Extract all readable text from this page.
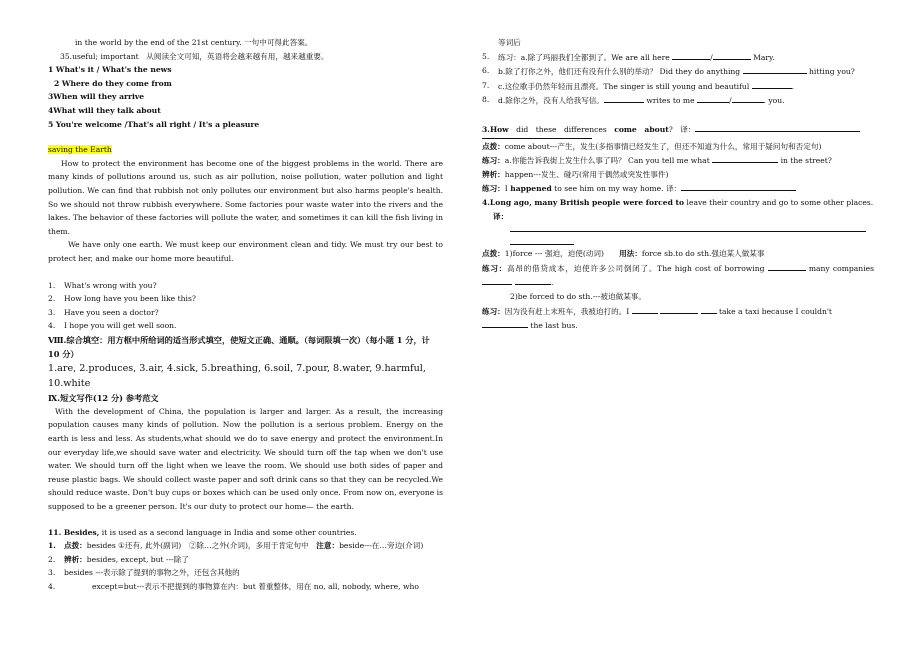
in the world by the end of the 21st century. 一句中可得此答案。

35.useful; important　从阅读全文可知，英语将会越来越有用，越来越重要。

1 What's it / What's the news

2 Where do they come from

3When will they arrive

4What will they talk about

5 You're welcome /That's all right / It's a pleasure

saving the Earth

How to protect the environment has become one of the biggest problems in the world. There are many kinds of pollutions around us, such as air pollution, noise pollution, water pollution and light pollution. We can find that rubbish not only pollutes our environment but also harms people's health. So we should not throw rubbish everywhere. Some factories pour waste water into the rivers and the lakes. The behavior of these factories will pollute the water, and sometimes it can kill the fish living in them.

We have only one earth. We must keep our environment clean and tidy. We must try our best to protect her, and make our home more beautiful.

1.	What's wrong with you?
2.	How long have you been like this?
3.	Have you seen a doctor?
4.	I hope you will get well soon.

Ⅷ.综合填空：用方框中所给词的适当形式填空，使短文正确、通顺。（每词限填一次）（每小题 1 分，计 10 分）

1.are, 2.produces, 3.air, 4.sick, 5.breathing, 6.soil, 7.pour, 8.water, 9.harmful, 10.white

Ⅸ.短文写作(12 分) 参考范文

With the development of China, the population is larger and larger. As a result, the increasing population causes many kinds of pollution. Now the pollution is a serious problem. Energy on the earth is less and less. As students,what should we do to save energy and protect the environment.In our everyday life,we should save water and electricity. We should turn off the tap when we don't use water. We should turn off the light when we leave the room. We should use both sides of paper and reuse plastic bags. We should collect waste paper and soft drink cans so that they can be recycled.We should reduce waste. Don't buy cups or boxes which can be used only once. From now on, everyone is supposed to be a greener person. It's our duty to protect our home— the earth.

11. Besides, it is used as a second language in India and some other countries.

1.	点拨：besides ①还有, 此外(副词)　②除…之外(介词)，多用于肯定句中　注意：beside---在…旁边(介词)
2.	辨析：besides, except, but ---除了
3.	besides ---表示除了提到的事物之外，还包含其他的
4.	except=but---表示不把提到的事物算在内：but 着重整体，用在 no, all, nobody, where, who

等词后

5.	练习：a.除了玛丽我们全都到了。We are all here	/	Mary.
6.	b.除了打你之外，他们还有没有什么别的举动？ Did they do anything	hitting you?
7.	c.这位歌手仍然年轻而且漂亮。The singer is still young and beautiful	.
8.	d.除你之外，没有人给我写信。	writes to me	/	. you.

3.How did these differences come about? 译：

点拨：come about---产生，发生(多指事情已经发生了，但还不知道为什么，常用于疑问句和否定句)

练习：a.你能告诉我街上发生什么事了吗？ Can you tell me what	in the street?

辨析：happen---发生、碰巧(常用于偶然或突发性事件)

练习：I happened to see him on my way home. 译：

4.Long ago, many British people were forced to leave their country and go to some other places.

译：

点拨：1)force --- 强迫，迫使(动词)　　用法：force sb.to do sth.强迫某人做某事

练习：高昂的借贷成本，迫使许多公司倒闭了。The high cost of borrowing	many companies .

2)be forced to do sth.---被迫做某事。

练习：因为没有赶上末班车，我被迫打的。I	take a taxi because I couldn't

the last bus.
